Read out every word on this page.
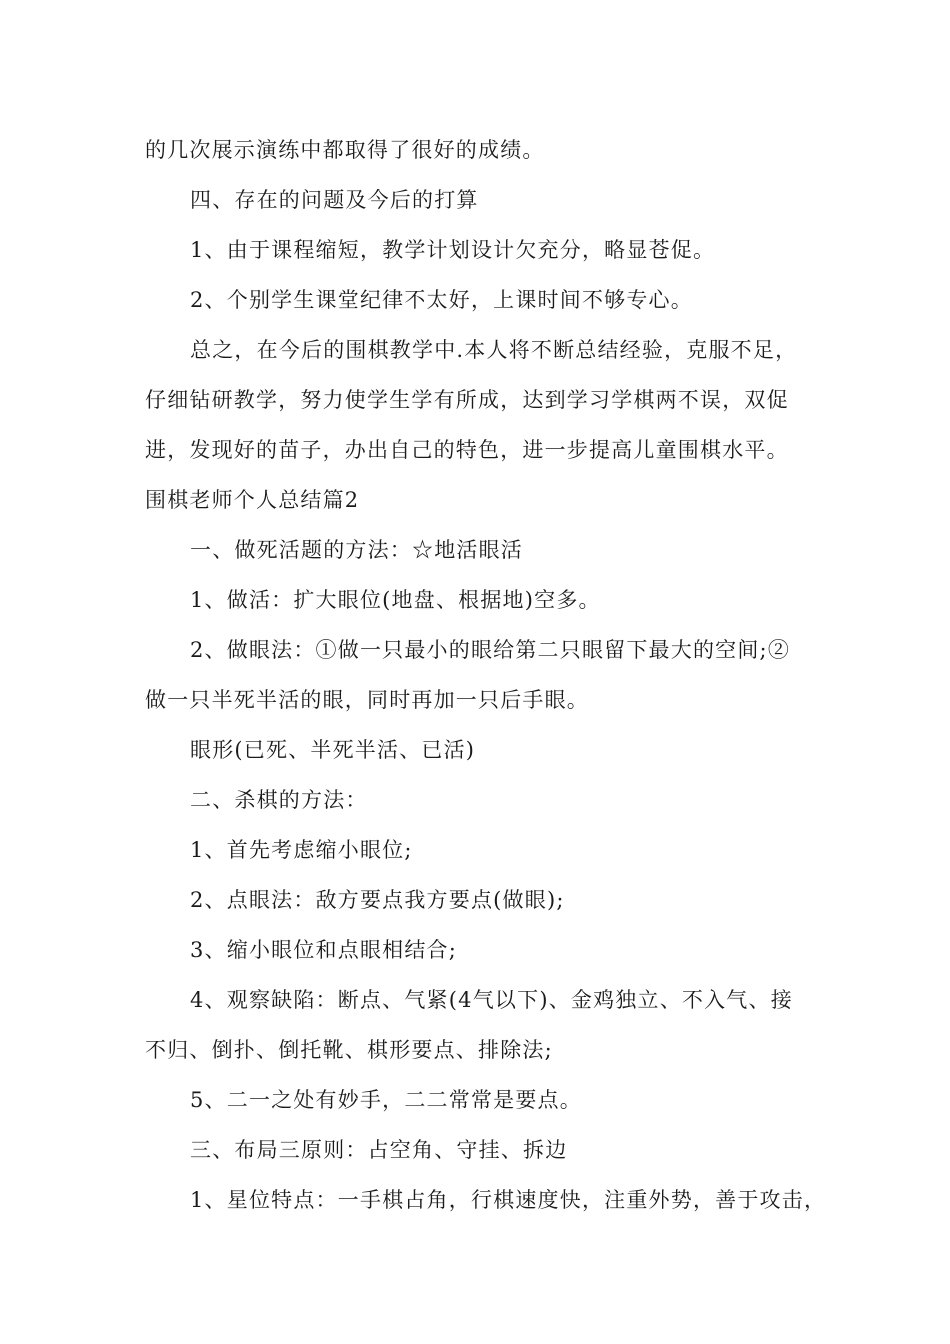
的几次展示演练中都取得了很好的成绩。
四、存在的问题及今后的打算
1、由于课程缩短，教学计划设计欠充分，略显苍促。
2、个别学生课堂纪律不太好，上课时间不够专心。
总之，在今后的围棋教学中.本人将不断总结经验，克服不足，
仔细钻研教学，努力使学生学有所成，达到学习学棋两不误，双促
进，发现好的苗子，办出自己的特色，进一步提高儿童围棋水平。
围棋老师个人总结篇2
一、做死活题的方法：☆地活眼活
1、做活：扩大眼位(地盘、根据地)空多。
2、做眼法：①做一只最小的眼给第二只眼留下最大的空间;②
做一只半死半活的眼，同时再加一只后手眼。
眼形(已死、半死半活、已活)
二、杀棋的方法：
1、首先考虑缩小眼位;
2、点眼法：敌方要点我方要点(做眼);
3、缩小眼位和点眼相结合;
4、观察缺陷：断点、气紧(4气以下)、金鸡独立、不入气、接
不归、倒扑、倒托靴、棋形要点、排除法;
5、二一之处有妙手，二二常常是要点。
三、布局三原则：占空角、守挂、拆边
1、星位特点：一手棋占角，行棋速度快，注重外势，善于攻击，
